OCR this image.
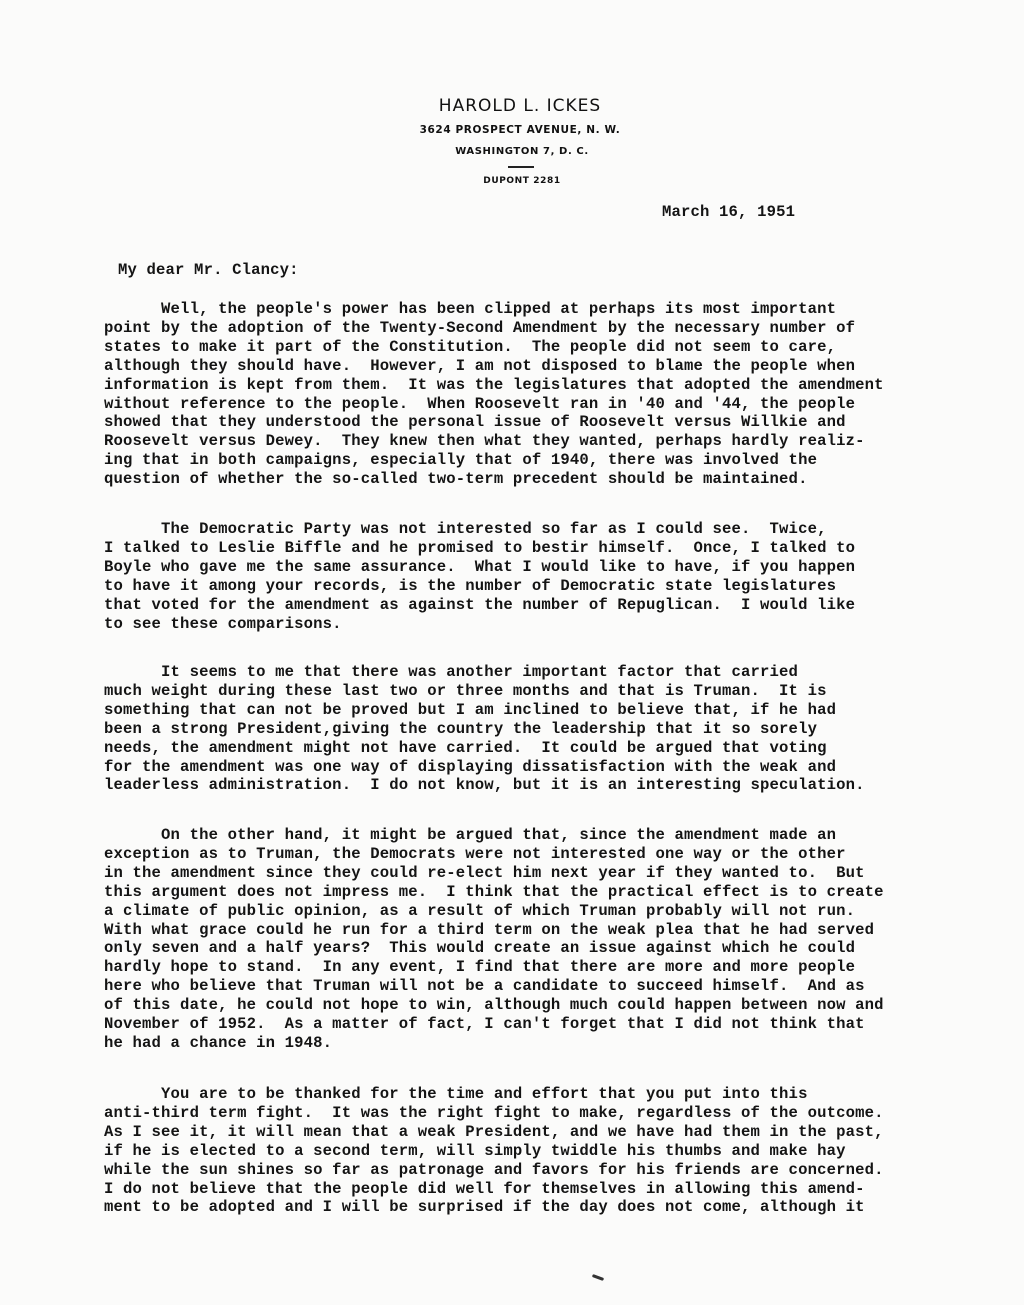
HAROLD L. ICKES
3624 PROSPECT AVENUE, N. W.
WASHINGTON 7, D. C.
DUPONT 2281
March 16, 1951
My dear Mr. Clancy:

Well, the people's power has been clipped at perhaps its most important
point by the adoption of the Twenty-Second Amendment by the necessary number of
states to make it part of the Constitution.  The people did not seem to care,
although they should have.  However, I am not disposed to blame the people when
information is kept from them.  It was the legislatures that adopted the amendment
without reference to the people.  When Roosevelt ran in '40 and '44, the people
showed that they understood the personal issue of Roosevelt versus Willkie and
Roosevelt versus Dewey.  They knew then what they wanted, perhaps hardly realiz-
ing that in both campaigns, especially that of 1940, there was involved the
question of whether the so-called two-term precedent should be maintained.

The Democratic Party was not interested so far as I could see.  Twice,
I talked to Leslie Biffle and he promised to bestir himself.  Once, I talked to
Boyle who gave me the same assurance.  What I would like to have, if you happen
to have it among your records, is the number of Democratic state legislatures
that voted for the amendment as against the number of Repuglican.  I would like
to see these comparisons.

It seems to me that there was another important factor that carried
much weight during these last two or three months and that is Truman.  It is
something that can not be proved but I am inclined to believe that, if he had
been a strong President,giving the country the leadership that it so sorely
needs, the amendment might not have carried.  It could be argued that voting
for the amendment was one way of displaying dissatisfaction with the weak and
leaderless administration.  I do not know, but it is an interesting speculation.

On the other hand, it might be argued that, since the amendment made an
exception as to Truman, the Democrats were not interested one way or the other
in the amendment since they could re-elect him next year if they wanted to.  But
this argument does not impress me.  I think that the practical effect is to create
a climate of public opinion, as a result of which Truman probably will not run.
With what grace could he run for a third term on the weak plea that he had served
only seven and a half years?  This would create an issue against which he could
hardly hope to stand.  In any event, I find that there are more and more people
here who believe that Truman will not be a candidate to succeed himself.  And as
of this date, he could not hope to win, although much could happen between now and
November of 1952.  As a matter of fact, I can't forget that I did not think that
he had a chance in 1948.

You are to be thanked for the time and effort that you put into this
anti-third term fight.  It was the right fight to make, regardless of the outcome.
As I see it, it will mean that a weak President, and we have had them in the past,
if he is elected to a second term, will simply twiddle his thumbs and make hay
while the sun shines so far as patronage and favors for his friends are concerned.
I do not believe that the people did well for themselves in allowing this amend-
ment to be adopted and I will be surprised if the day does not come, although it
